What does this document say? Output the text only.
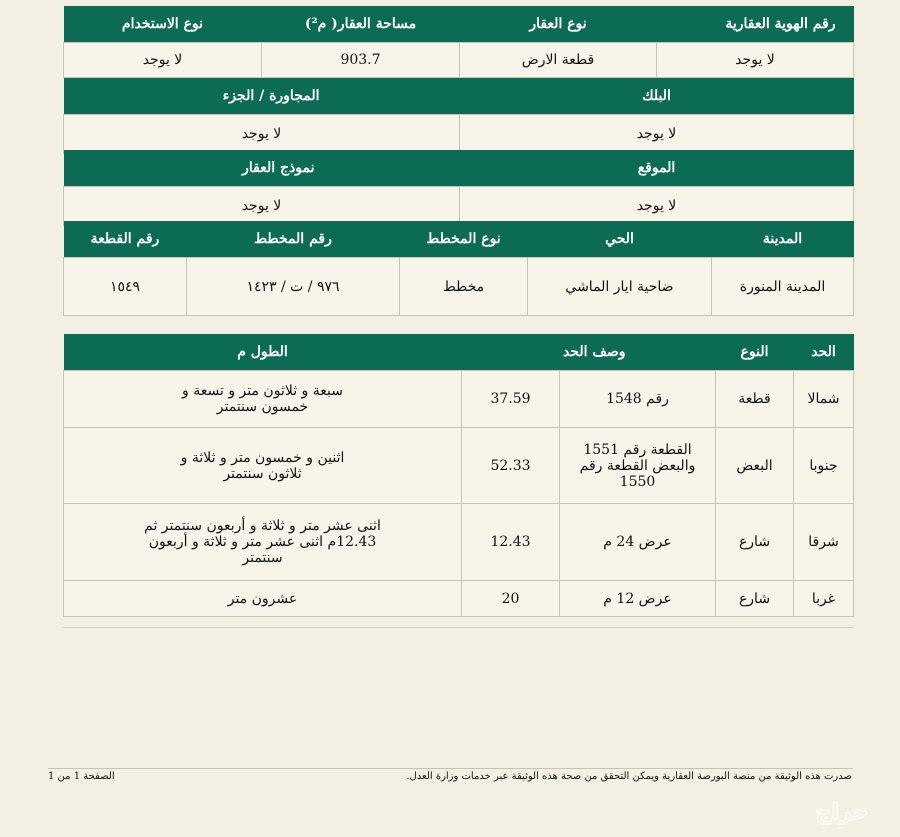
رقم الهوية العقارية	نوع العقار	مساحة العقار( م²)	نوع الاستخدام
لا يوجد	قطعة الارض	903.7	لا يوجد
البلك	المجاورة / الجزء
لا يوجد	لا يوجد
الموقع	نموذج العقار
لا يوجد	لا يوجد
المدينة	الحي	نوع المخطط	رقم المخطط	رقم القطعة
المدينة المنورة	ضاحية ايار الماشي	مخطط	٩٧٦ / ت / ١٤٢٣	١٥٤٩
الحد	النوع	وصف الحد		الطول م
شمالا	قطعة	رقم 1548	37.59	سبعة و ثلاثون متر و تسعة و خمسون سنتمتر
جنوبا	البعض	القطعة رقم 1551 والبعض القطعة رقم 1550	52.33	اثنين و خمسون متر و ثلاثة و ثلاثون سنتمتر
شرقا	شارع	عرض 24 م	12.43	اثنى عشر متر و ثلاثة و أربعون سنتمتر ثم 12.43م اثنى عشر متر و ثلاثة و أربعون سنتمتر
غربا	شارع	عرض 12 م	20	عشرون متر
صدرت هذه الوثيقة من منصة البورصة العقارية ويمكن التحقق من صحة هذه الوثيقة عبر خدمات وزارة العدل.
الصفحة 1 من 1
حراج
